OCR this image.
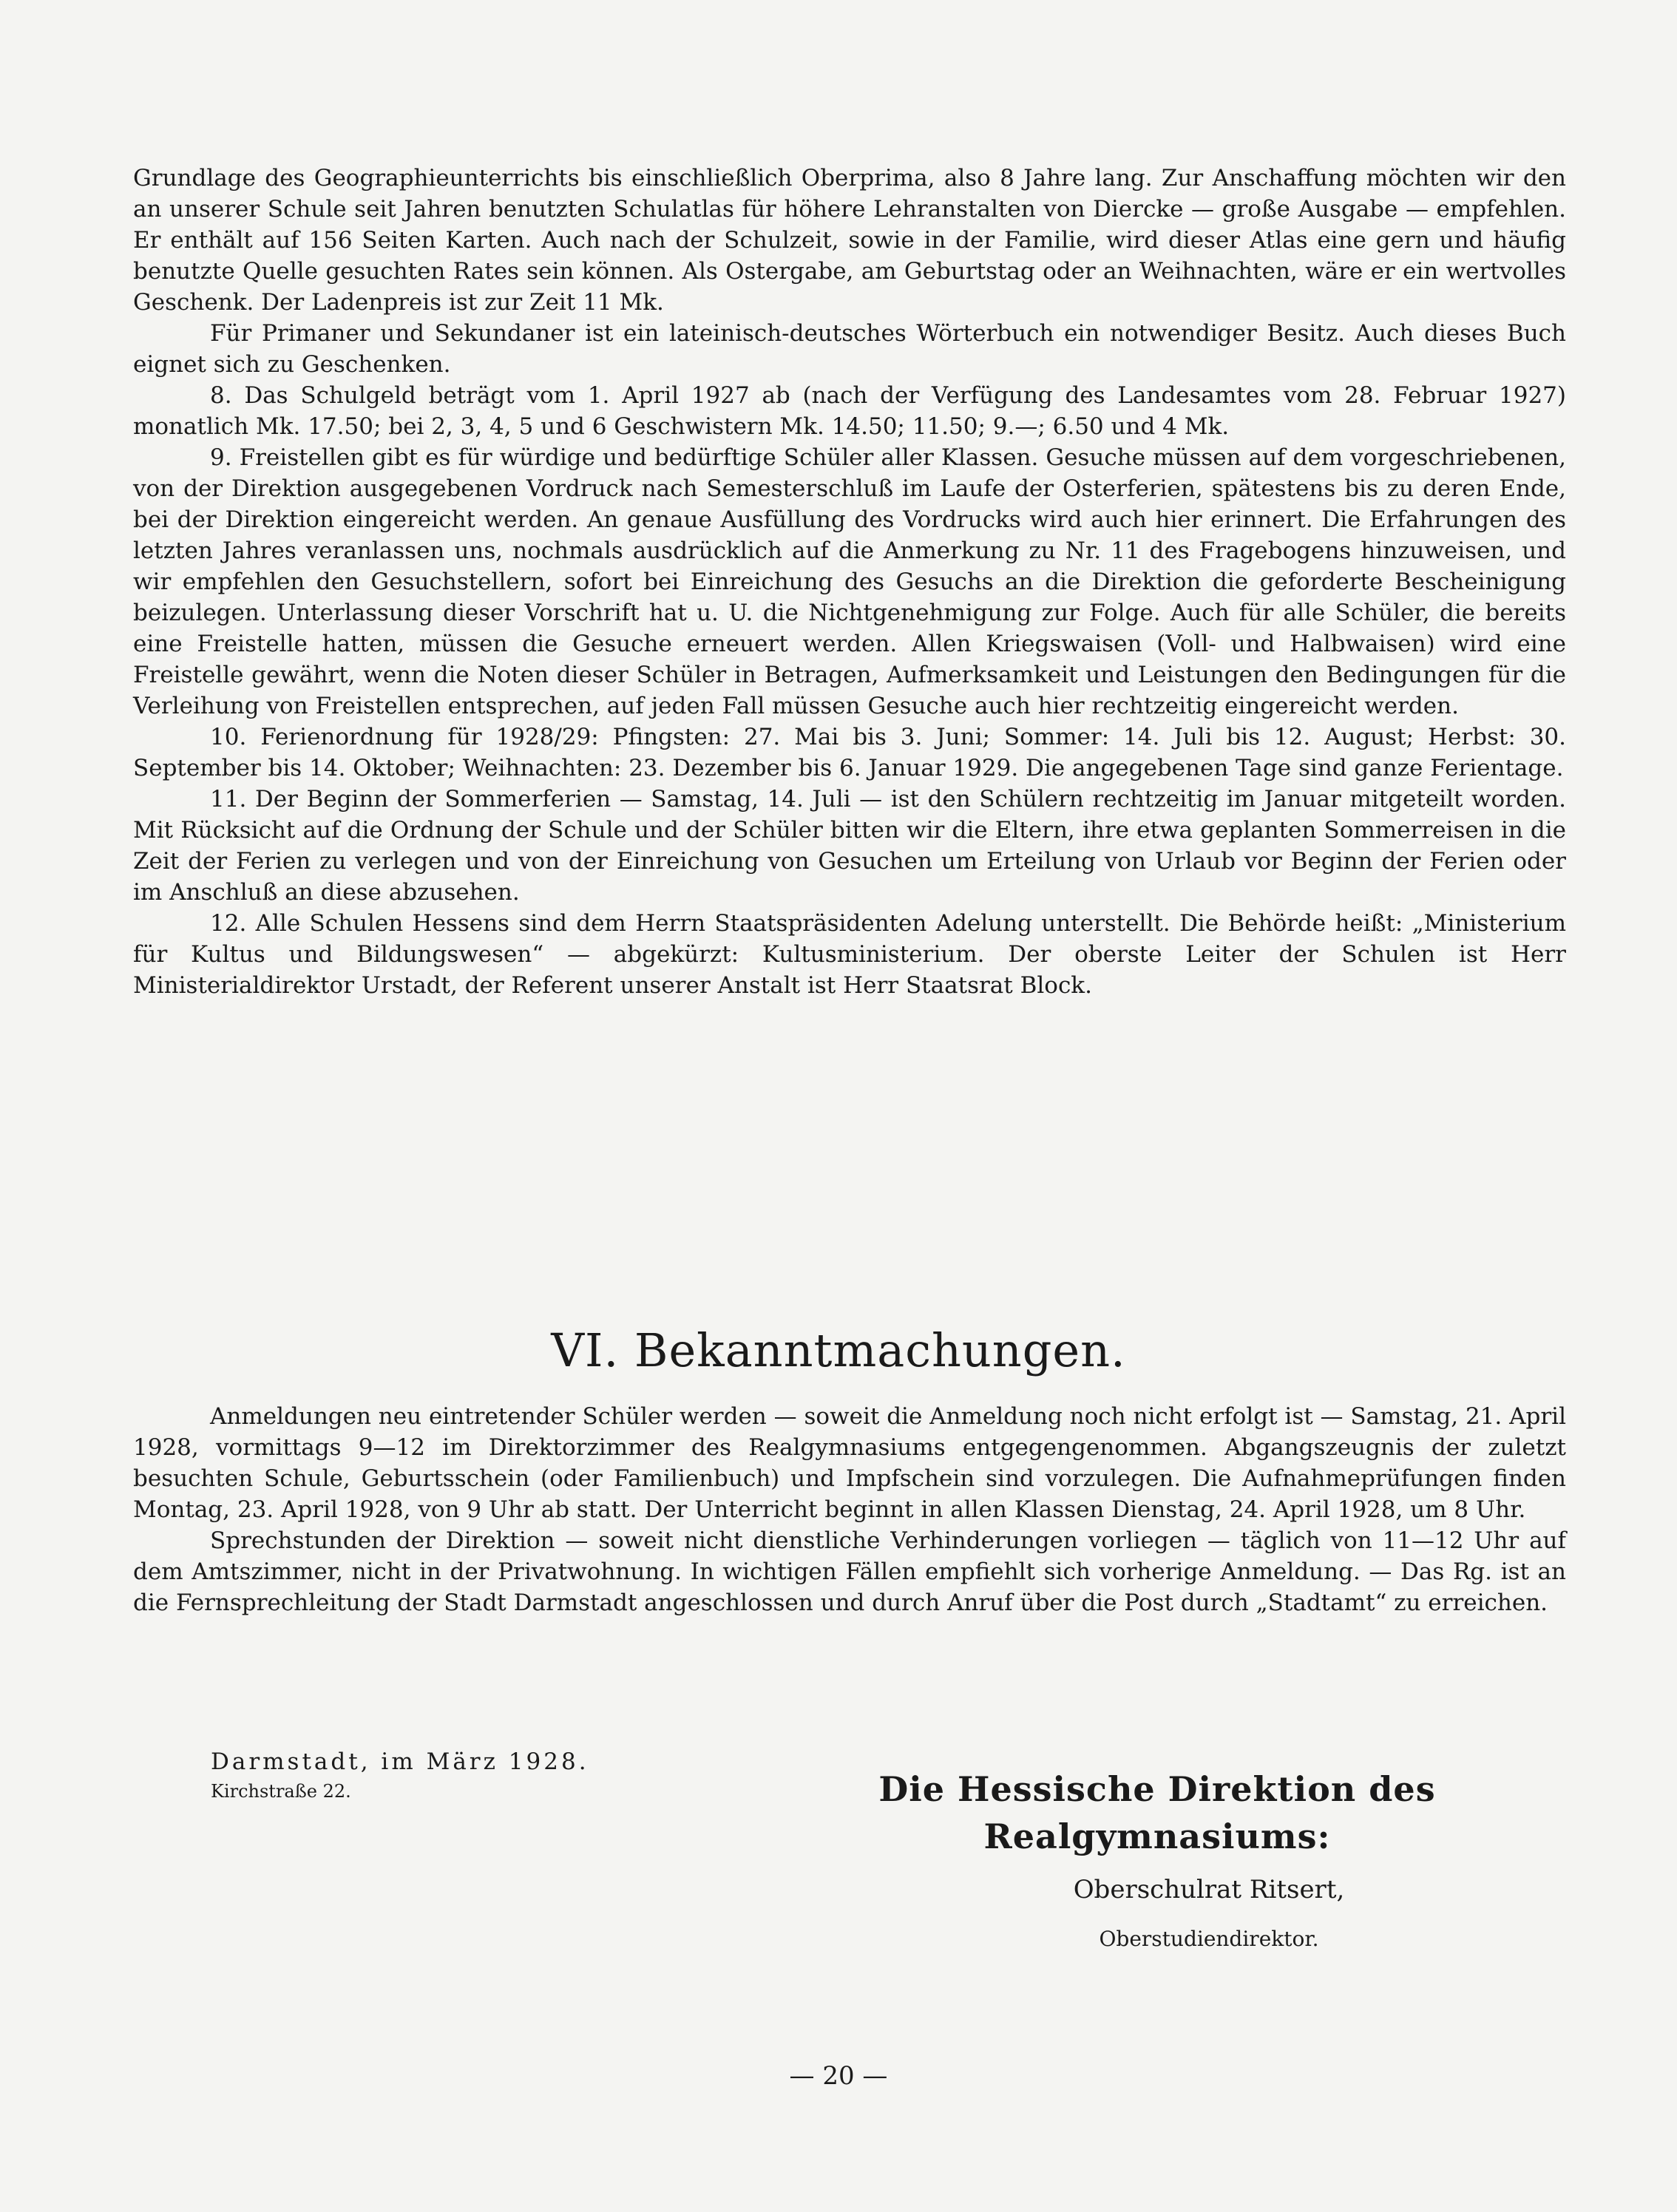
Grundlage des Geographieunterrichts bis einschließlich Oberprima, also 8 Jahre lang. Zur Anschaffung möchten wir den an unserer Schule seit Jahren benutzten Schulatlas für höhere Lehranstalten von Diercke — große Ausgabe — empfehlen. Er enthält auf 156 Seiten Karten. Auch nach der Schulzeit, sowie in der Familie, wird dieser Atlas eine gern und häufig benutzte Quelle gesuchten Rates sein können. Als Ostergabe, am Geburtstag oder an Weihnachten, wäre er ein wertvolles Geschenk. Der Ladenpreis ist zur Zeit 11 Mk.

Für Primaner und Sekundaner ist ein lateinisch-deutsches Wörterbuch ein notwendiger Besitz. Auch dieses Buch eignet sich zu Geschenken.

8. Das Schulgeld beträgt vom 1. April 1927 ab (nach der Verfügung des Landesamtes vom 28. Februar 1927) monatlich Mk. 17.50; bei 2, 3, 4, 5 und 6 Geschwistern Mk. 14.50; 11.50; 9.—; 6.50 und 4 Mk.

9. Freistellen gibt es für würdige und bedürftige Schüler aller Klassen. Gesuche müssen auf dem vorgeschriebenen, von der Direktion ausgegebenen Vordruck nach Semesterschluß im Laufe der Osterferien, spätestens bis zu deren Ende, bei der Direktion eingereicht werden. An genaue Ausfüllung des Vordrucks wird auch hier erinnert. Die Erfahrungen des letzten Jahres veranlassen uns, nochmals ausdrücklich auf die Anmerkung zu Nr. 11 des Fragebogens hinzuweisen, und wir empfehlen den Gesuchstellern, sofort bei Einreichung des Gesuchs an die Direktion die geforderte Bescheinigung beizulegen. Unterlassung dieser Vorschrift hat u. U. die Nichtgenehmigung zur Folge. Auch für alle Schüler, die bereits eine Freistelle hatten, müssen die Gesuche erneuert werden. Allen Kriegswaisen (Voll- und Halbwaisen) wird eine Freistelle gewährt, wenn die Noten dieser Schüler in Betragen, Aufmerksamkeit und Leistungen den Bedingungen für die Verleihung von Freistellen entsprechen, auf jeden Fall müssen Gesuche auch hier rechtzeitig eingereicht werden.

10. Ferienordnung für 1928/29: Pfingsten: 27. Mai bis 3. Juni; Sommer: 14. Juli bis 12. August; Herbst: 30. September bis 14. Oktober; Weihnachten: 23. Dezember bis 6. Januar 1929. Die angegebenen Tage sind ganze Ferientage.

11. Der Beginn der Sommerferien — Samstag, 14. Juli — ist den Schülern rechtzeitig im Januar mitgeteilt worden. Mit Rücksicht auf die Ordnung der Schule und der Schüler bitten wir die Eltern, ihre etwa geplanten Sommerreisen in die Zeit der Ferien zu verlegen und von der Einreichung von Gesuchen um Erteilung von Urlaub vor Beginn der Ferien oder im Anschluß an diese abzusehen.

12. Alle Schulen Hessens sind dem Herrn Staatspräsidenten Adelung unterstellt. Die Behörde heißt: „Ministerium für Kultus und Bildungswesen“ — abgekürzt: Kultusministerium. Der oberste Leiter der Schulen ist Herr Ministerialdirektor Urstadt, der Referent unserer Anstalt ist Herr Staatsrat Block.

VI. Bekanntmachungen.

Anmeldungen neu eintretender Schüler werden — soweit die Anmeldung noch nicht erfolgt ist — Samstag, 21. April 1928, vormittags 9—12 im Direktorzimmer des Realgymnasiums entgegengenommen. Abgangszeugnis der zuletzt besuchten Schule, Geburtsschein (oder Familienbuch) und Impfschein sind vorzulegen. Die Aufnahmeprüfungen finden Montag, 23. April 1928, von 9 Uhr ab statt. Der Unterricht beginnt in allen Klassen Dienstag, 24. April 1928, um 8 Uhr.

Sprechstunden der Direktion — soweit nicht dienstliche Verhinderungen vorliegen — täglich von 11—12 Uhr auf dem Amtszimmer, nicht in der Privatwohnung. In wichtigen Fällen empfiehlt sich vorherige Anmeldung. — Das Rg. ist an die Fernsprechleitung der Stadt Darmstadt angeschlossen und durch Anruf über die Post durch „Stadtamt“ zu erreichen.

Darmstadt, im März 1928.
Kirchstraße 22.	Die Hessische Direktion des Realgymnasiums:
Oberschulrat Ritsert,
Oberstudiendirektor.
— 20 —
